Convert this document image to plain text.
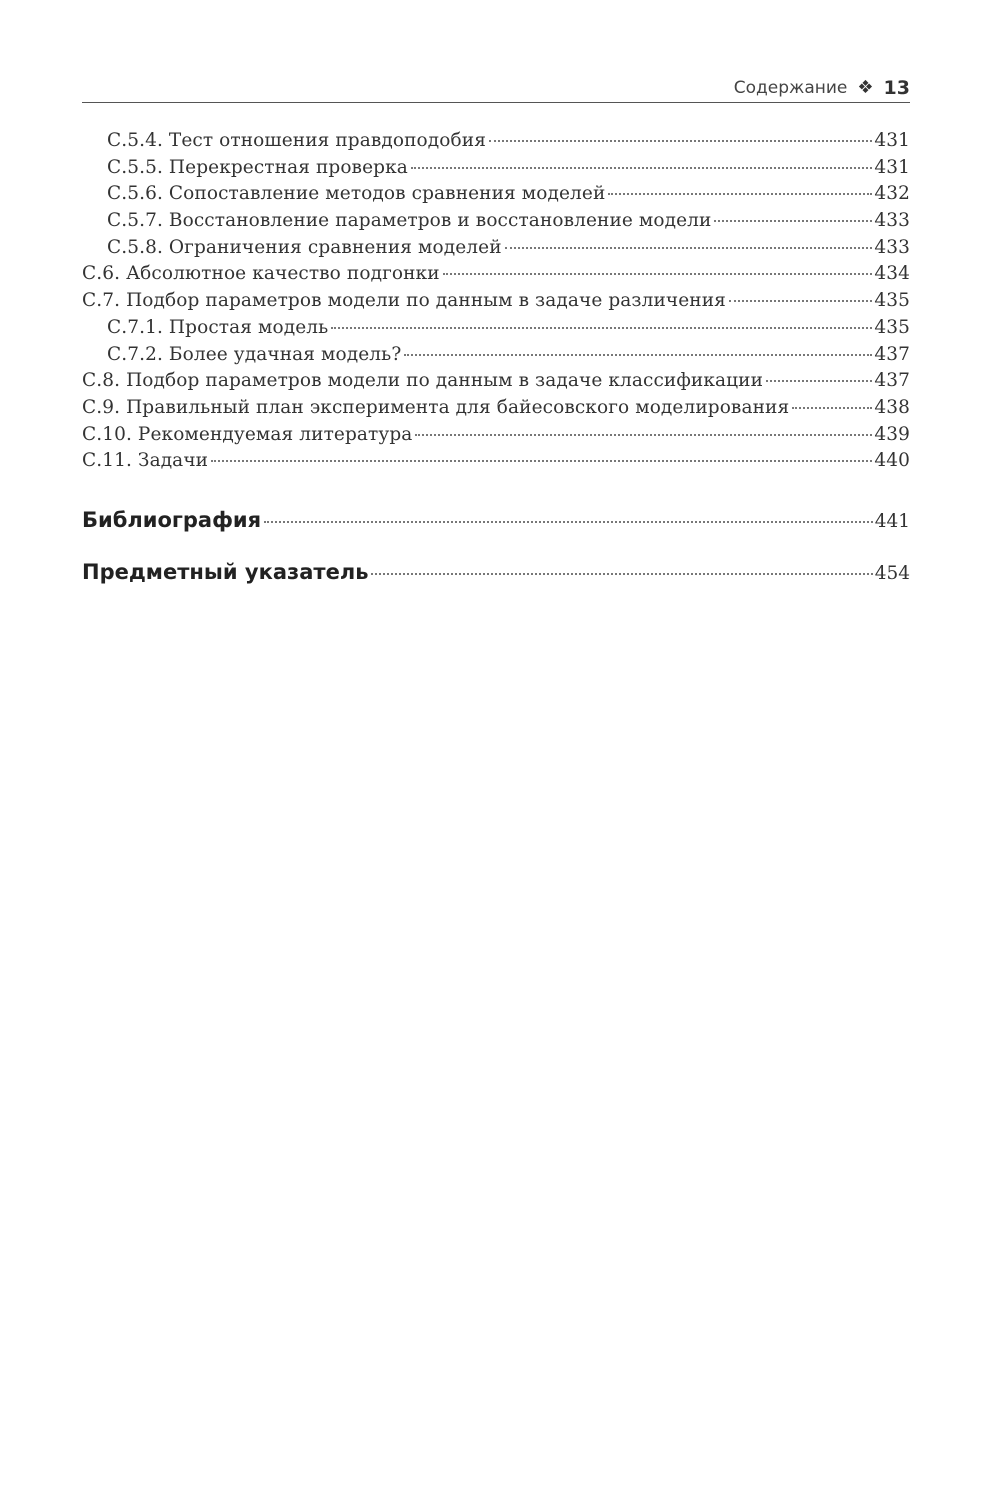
Содержание ❖ 13
С.5.4. Тест отношения правдоподобия	431
С.5.5. Перекрестная проверка	431
С.5.6. Сопоставление методов сравнения моделей	432
С.5.7. Восстановление параметров и восстановление модели	433
С.5.8. Ограничения сравнения моделей	433
С.6. Абсолютное качество подгонки	434
С.7. Подбор параметров модели по данным в задаче различения	435
С.7.1. Простая модель	435
С.7.2. Более удачная модель?	437
С.8. Подбор параметров модели по данным в задаче классификации	437
С.9. Правильный план эксперимента для байесовского моделирования	438
С.10. Рекомендуемая литература	439
С.11. Задачи	440
Библиография	441
Предметный указатель	454
